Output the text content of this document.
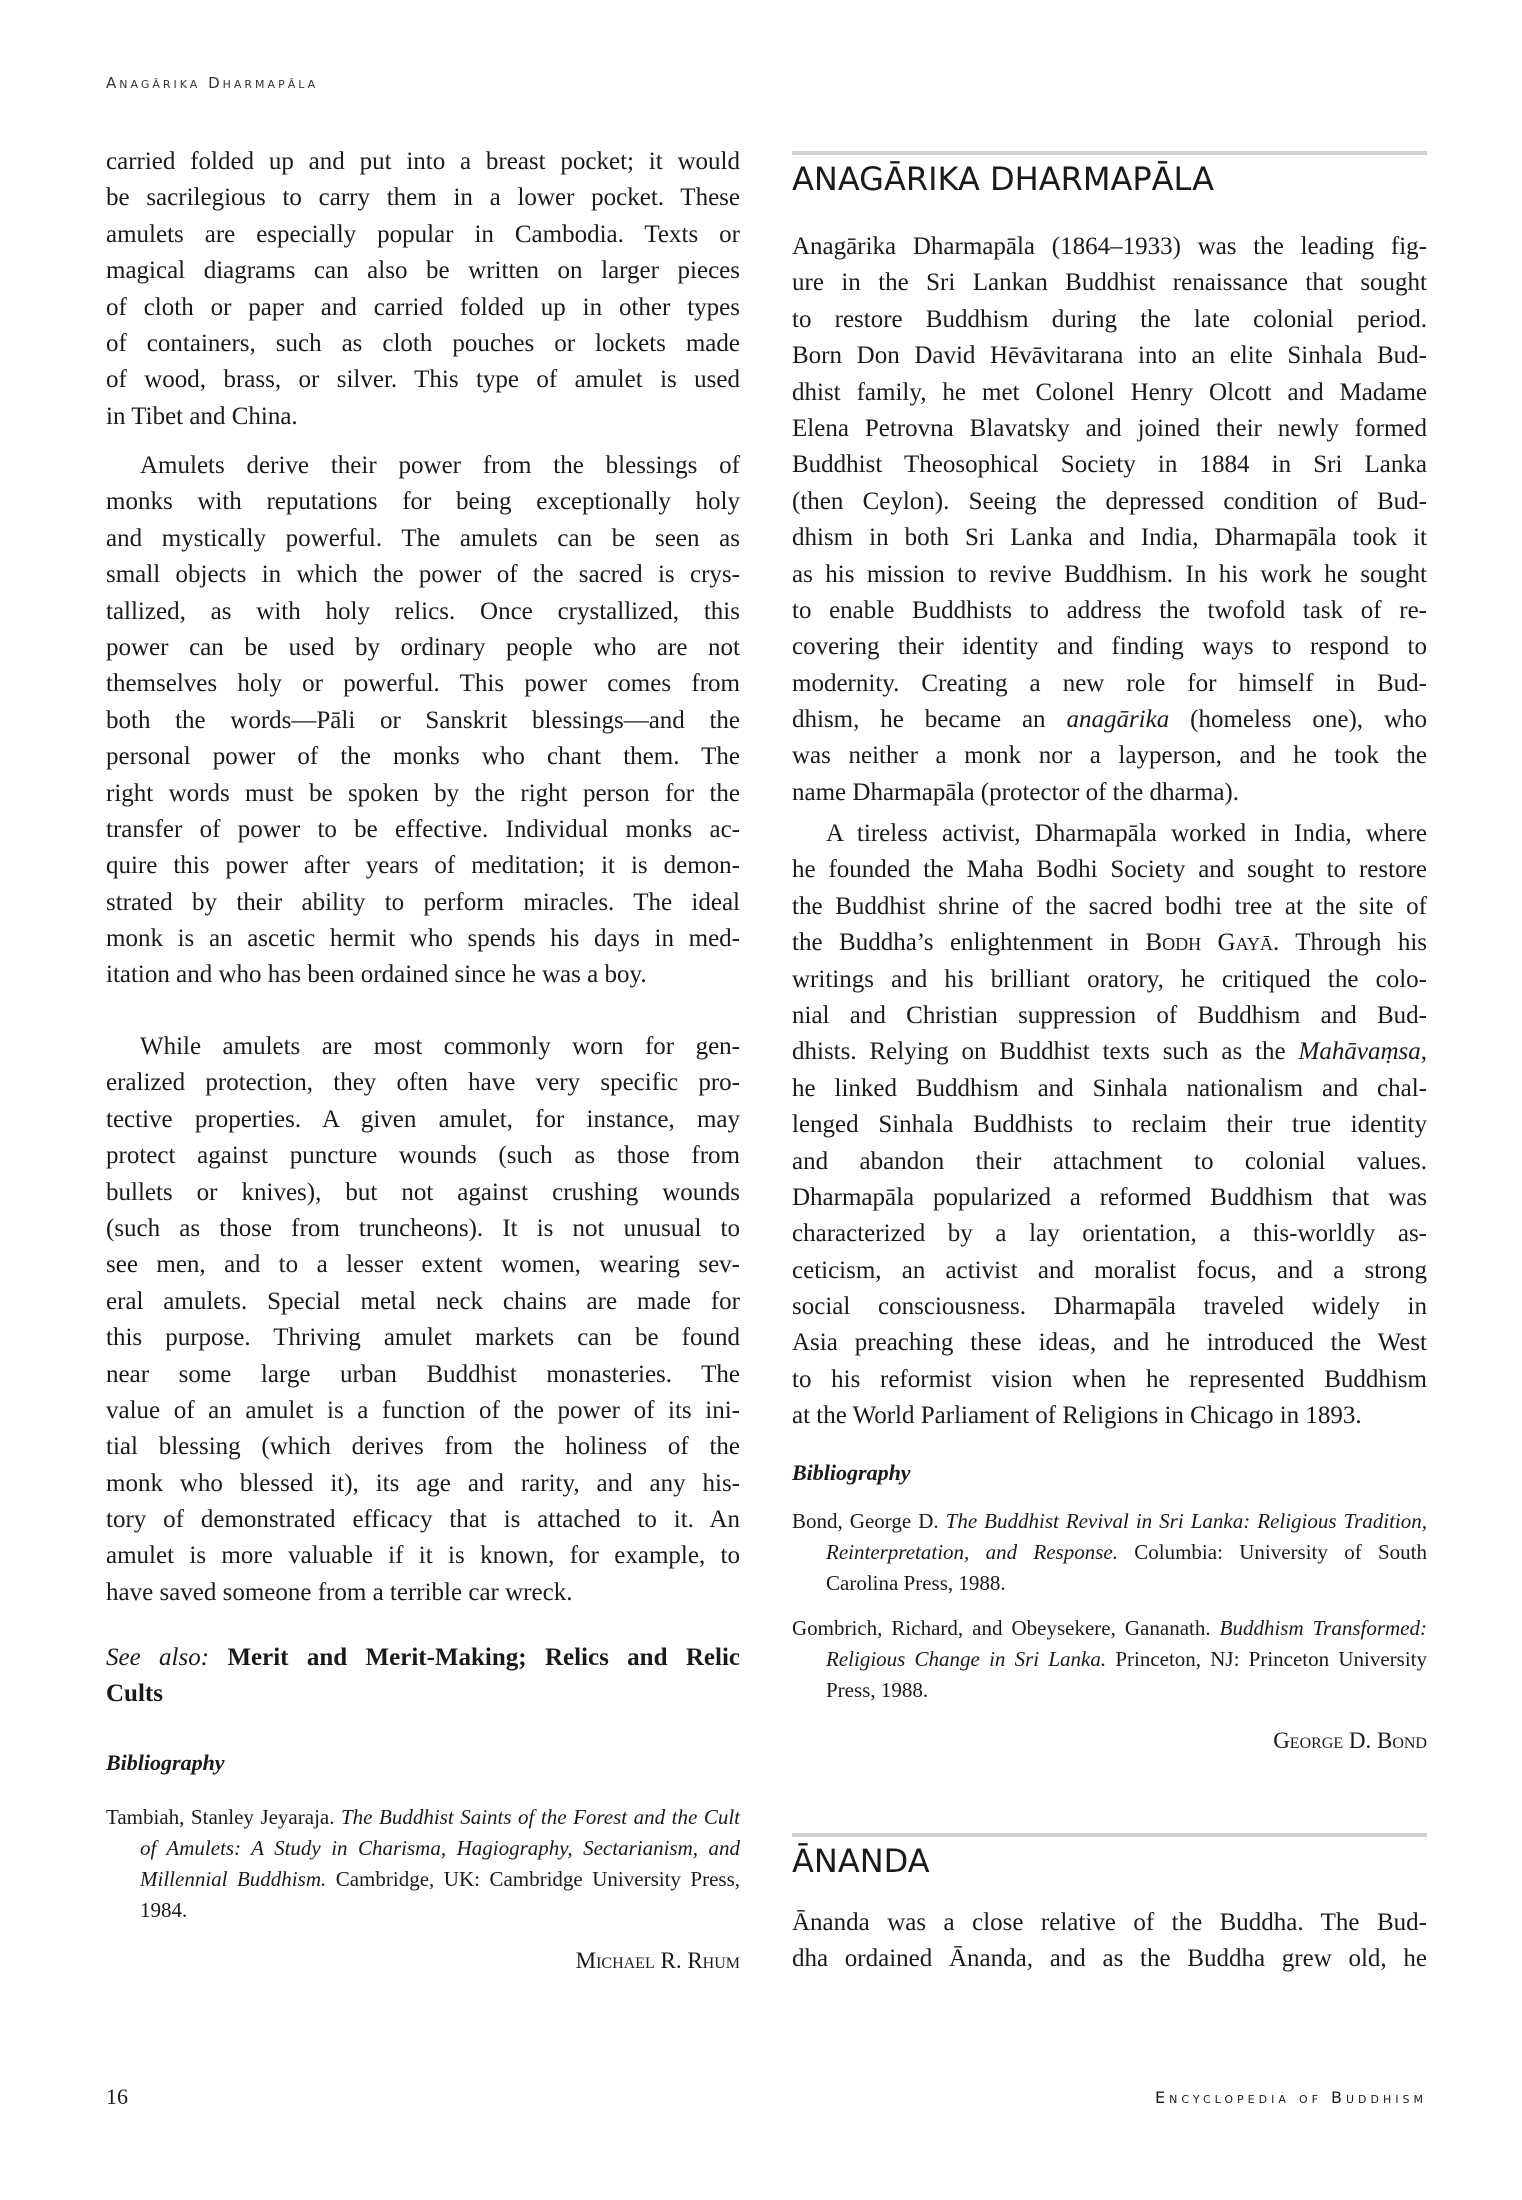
Anagārika Dharmapāla
carried folded up and put into a breast pocket; it would
be sacrilegious to carry them in a lower pocket. These
amulets are especially popular in Cambodia. Texts or
magical diagrams can also be written on larger pieces
of cloth or paper and carried folded up in other types
of containers, such as cloth pouches or lockets made
of wood, brass, or silver. This type of amulet is used
in Tibet and China.
Amulets derive their power from the blessings of
monks with reputations for being exceptionally holy
and mystically powerful. The amulets can be seen as
small objects in which the power of the sacred is crys-
tallized, as with holy relics. Once crystallized, this
power can be used by ordinary people who are not
themselves holy or powerful. This power comes from
both the words—Pāli or Sanskrit blessings—and the
personal power of the monks who chant them. The
right words must be spoken by the right person for the
transfer of power to be effective. Individual monks ac-
quire this power after years of meditation; it is demon-
strated by their ability to perform miracles. The ideal
monk is an ascetic hermit who spends his days in med-
itation and who has been ordained since he was a boy.
While amulets are most commonly worn for gen-
eralized protection, they often have very specific pro-
tective properties. A given amulet, for instance, may
protect against puncture wounds (such as those from
bullets or knives), but not against crushing wounds
(such as those from truncheons). It is not unusual to
see men, and to a lesser extent women, wearing sev-
eral amulets. Special metal neck chains are made for
this purpose. Thriving amulet markets can be found
near some large urban Buddhist monasteries. The
value of an amulet is a function of the power of its ini-
tial blessing (which derives from the holiness of the
monk who blessed it), its age and rarity, and any his-
tory of demonstrated efficacy that is attached to it. An
amulet is more valuable if it is known, for example, to
have saved someone from a terrible car wreck.
See also: Merit and Merit-Making; Relics and Relic
Cults
Bibliography
Tambiah, Stanley Jeyaraja. The Buddhist Saints of the Forest and the Cult of Amulets: A Study in Charisma, Hagiography, Sectarianism, and Millennial Buddhism. Cambridge, UK: Cambridge University Press, 1984.
Michael R. Rhum
ANAGĀRIKA DHARMAPĀLA
Anagārika Dharmapāla (1864–1933) was the leading fig-
ure in the Sri Lankan Buddhist renaissance that sought
to restore Buddhism during the late colonial period.
Born Don David Hēvāvitarana into an elite Sinhala Bud-
dhist family, he met Colonel Henry Olcott and Madame
Elena Petrovna Blavatsky and joined their newly formed
Buddhist Theosophical Society in 1884 in Sri Lanka
(then Ceylon). Seeing the depressed condition of Bud-
dhism in both Sri Lanka and India, Dharmapāla took it
as his mission to revive Buddhism. In his work he sought
to enable Buddhists to address the twofold task of re-
covering their identity and finding ways to respond to
modernity. Creating a new role for himself in Bud-
dhism, he became an anagārika (homeless one), who
was neither a monk nor a layperson, and he took the
name Dharmapāla (protector of the dharma).
A tireless activist, Dharmapāla worked in India, where
he founded the Maha Bodhi Society and sought to restore
the Buddhist shrine of the sacred bodhi tree at the site of
the Buddha’s enlightenment in Bodh Gayā. Through his
writings and his brilliant oratory, he critiqued the colo-
nial and Christian suppression of Buddhism and Bud-
dhists. Relying on Buddhist texts such as the Mahāvaṃsa,
he linked Buddhism and Sinhala nationalism and chal-
lenged Sinhala Buddhists to reclaim their true identity
and abandon their attachment to colonial values.
Dharmapāla popularized a reformed Buddhism that was
characterized by a lay orientation, a this-worldly as-
ceticism, an activist and moralist focus, and a strong
social consciousness. Dharmapāla traveled widely in
Asia preaching these ideas, and he introduced the West
to his reformist vision when he represented Buddhism
at the World Parliament of Religions in Chicago in 1893.
Bibliography
Bond, George D. The Buddhist Revival in Sri Lanka: Religious Tradition, Reinterpretation, and Response. Columbia: University of South Carolina Press, 1988.
Gombrich, Richard, and Obeysekere, Gananath. Buddhism Transformed: Religious Change in Sri Lanka. Princeton, NJ: Princeton University Press, 1988.
George D. Bond
ĀNANDA
Ānanda was a close relative of the Buddha. The Bud-
dha ordained Ānanda, and as the Buddha grew old, he
16	Encyclopedia of Buddhism
